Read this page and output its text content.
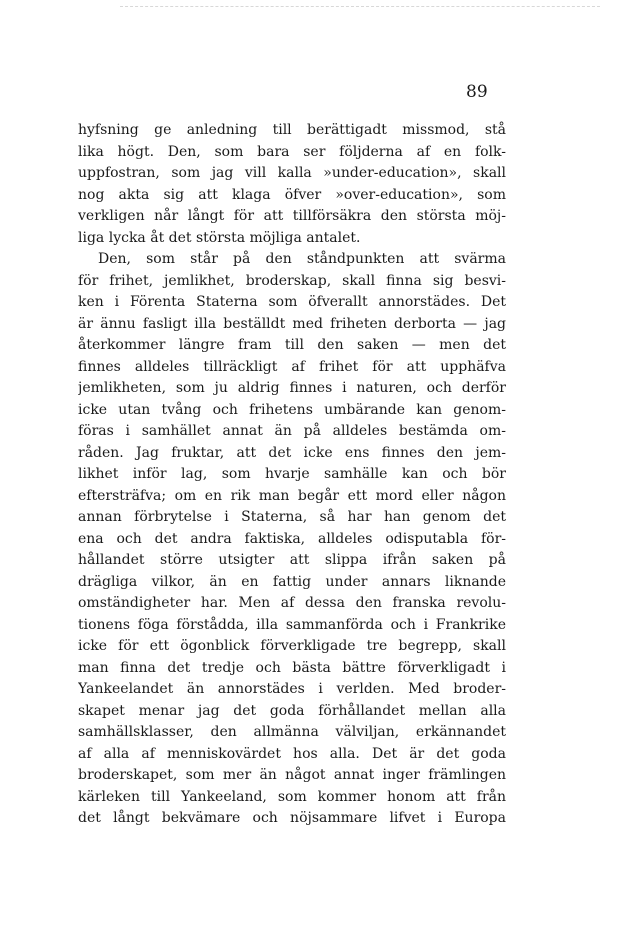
89
hyfsning ge anledning till berättigadt missmod, stå
lika högt. Den, som bara ser följderna af en folk-
uppfostran, som jag vill kalla »under-education», skall
nog akta sig att klaga öfver »over-education», som
verkligen når långt för att tillförsäkra den största möj-
liga lycka åt det största möjliga antalet.
Den, som står på den ståndpunkten att svärma
för frihet, jemlikhet, broderskap, skall finna sig besvi-
ken i Förenta Staterna som öfverallt annorstädes. Det
är ännu fasligt illa beställdt med friheten derborta — jag
återkommer längre fram till den saken — men det
finnes alldeles tillräckligt af frihet för att upphäfva
jemlikheten, som ju aldrig finnes i naturen, och derför
icke utan tvång och frihetens umbärande kan genom-
föras i samhället annat än på alldeles bestämda om-
råden. Jag fruktar, att det icke ens finnes den jem-
likhet inför lag, som hvarje samhälle kan och bör
eftersträfva; om en rik man begår ett mord eller någon
annan förbrytelse i Staterna, så har han genom det
ena och det andra faktiska, alldeles odisputabla för-
hållandet större utsigter att slippa ifrån saken på
drägliga vilkor, än en fattig under annars liknande
omständigheter har. Men af dessa den franska revolu-
tionens föga förstådda, illa sammanförda och i Frankrike
icke för ett ögonblick förverkligade tre begrepp, skall
man finna det tredje och bästa bättre förverkligadt i
Yankeelandet än annorstädes i verlden. Med broder-
skapet menar jag det goda förhållandet mellan alla
samhällsklasser, den allmänna välviljan, erkännandet
af alla af menniskovärdet hos alla. Det är det goda
broderskapet, som mer än något annat inger främlingen
kärleken till Yankeeland, som kommer honom att från
det långt bekvämare och nöjsammare lifvet i Europa
